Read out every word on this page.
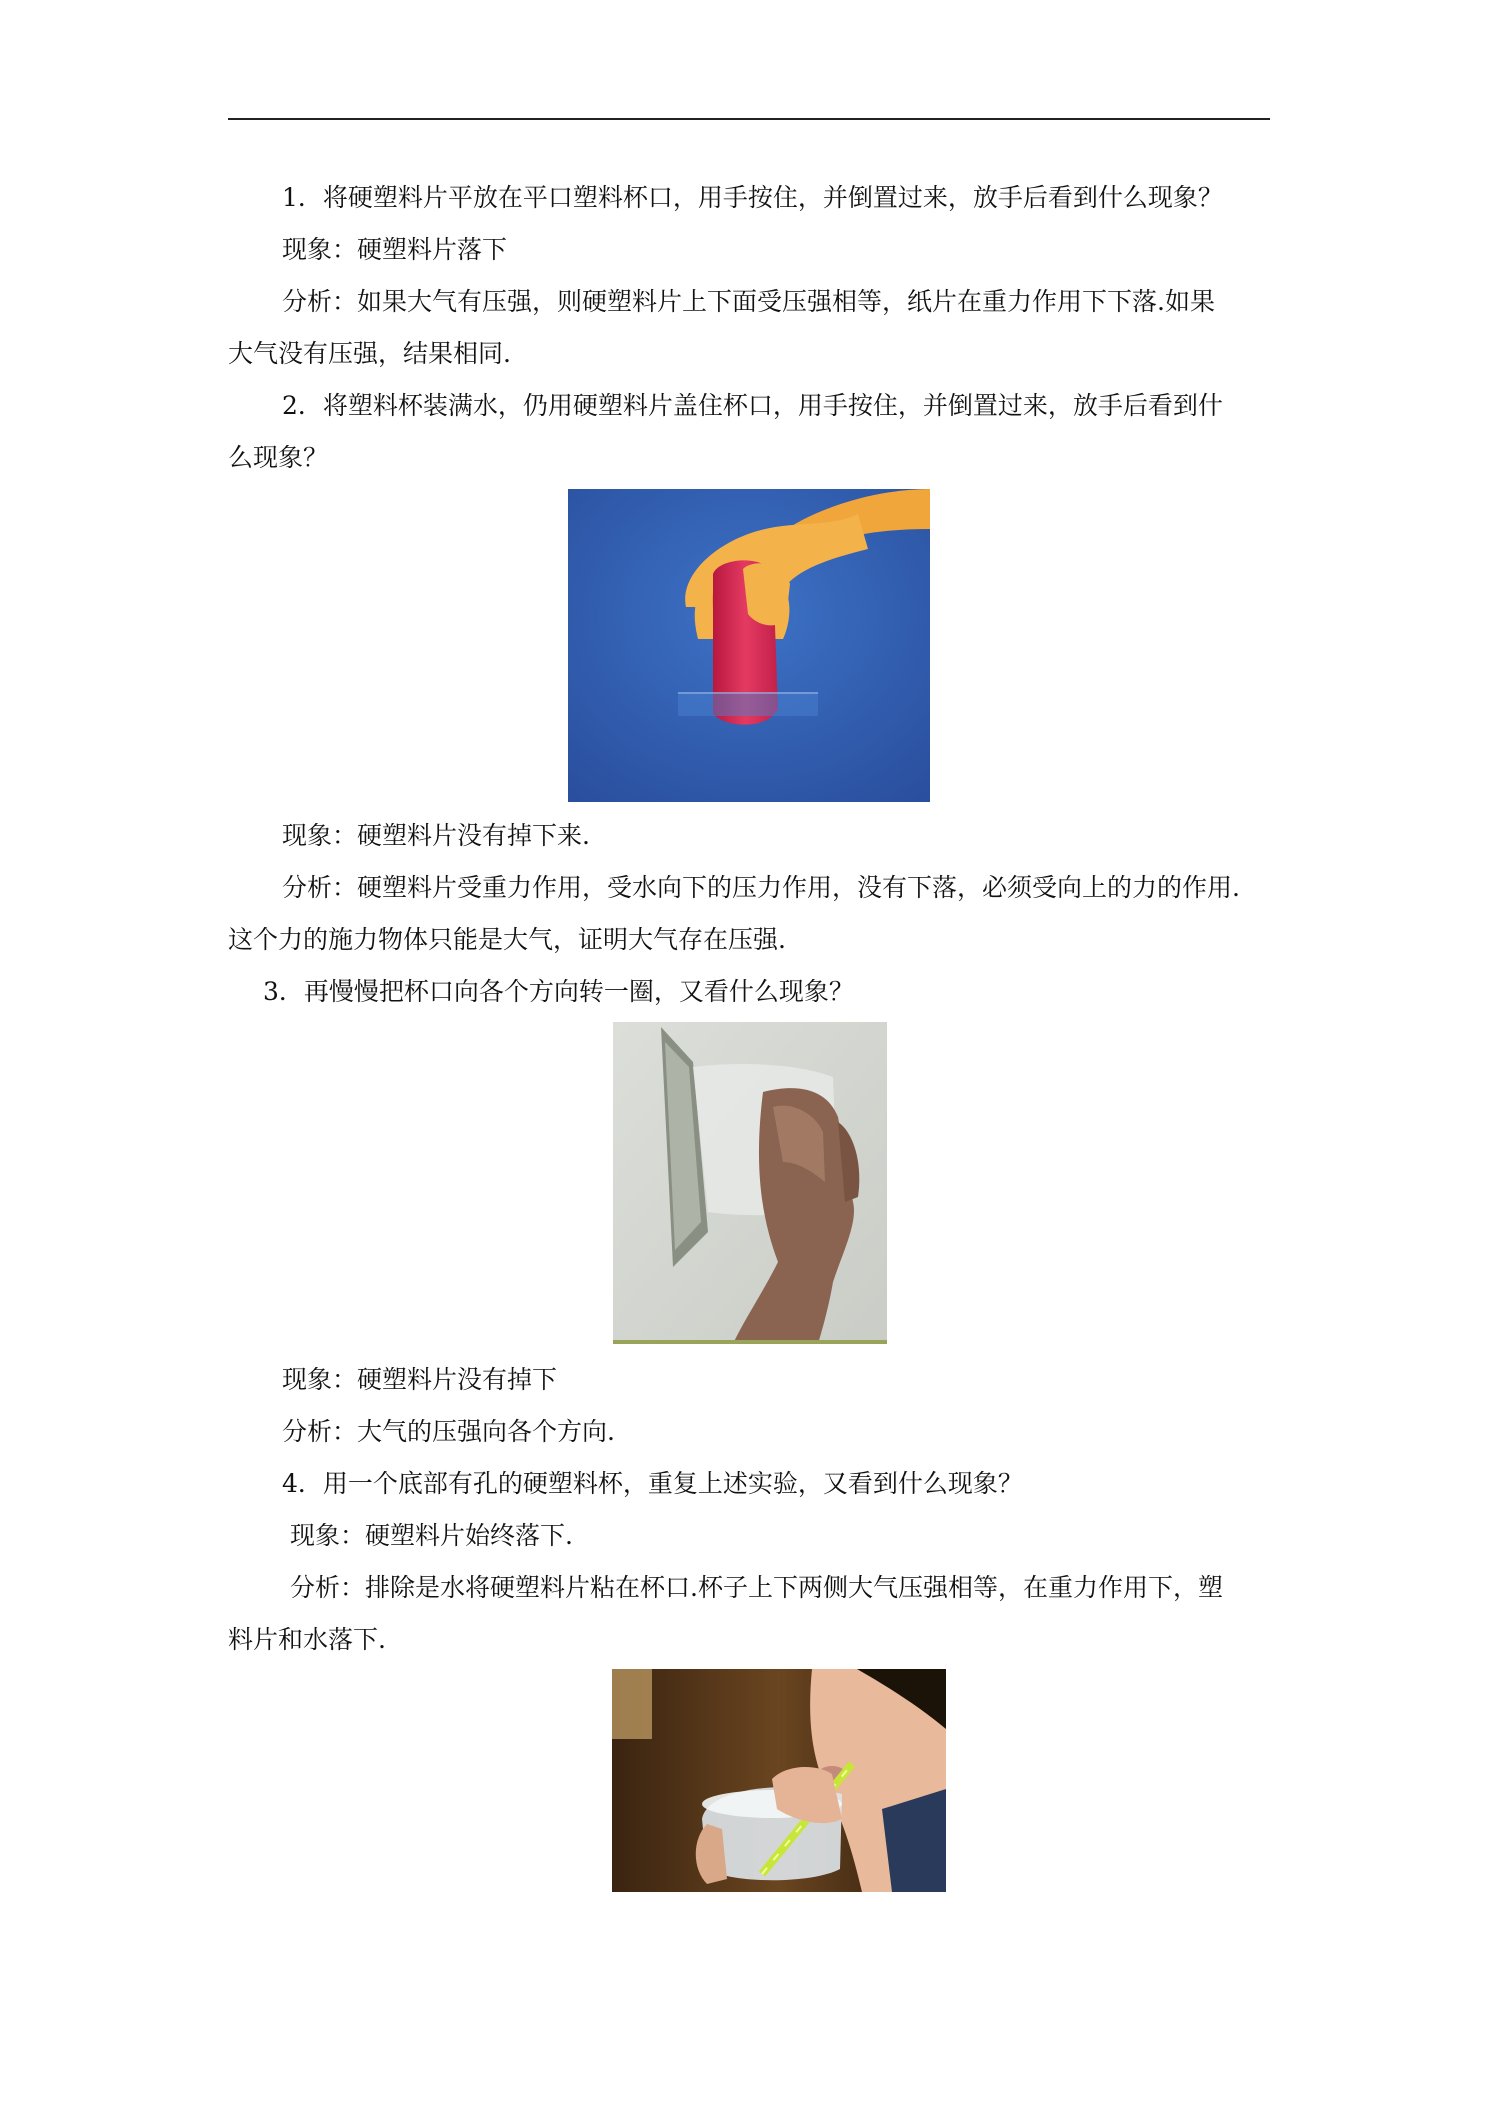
1．将硬塑料片平放在平口塑料杯口，用手按住，并倒置过来，放手后看到什么现象？
现象：硬塑料片落下
分析：如果大气有压强，则硬塑料片上下面受压强相等，纸片在重力作用下下落.如果
大气没有压强，结果相同.
2．将塑料杯装满水，仍用硬塑料片盖住杯口，用手按住，并倒置过来，放手后看到什
么现象？
现象：硬塑料片没有掉下来.
分析：硬塑料片受重力作用，受水向下的压力作用，没有下落，必须受向上的力的作用.
这个力的施力物体只能是大气，证明大气存在压强.
3．再慢慢把杯口向各个方向转一圈，又看什么现象？
现象：硬塑料片没有掉下
分析：大气的压强向各个方向.
4．用一个底部有孔的硬塑料杯，重复上述实验，又看到什么现象？
现象：硬塑料片始终落下.
分析：排除是水将硬塑料片粘在杯口.杯子上下两侧大气压强相等，在重力作用下，塑
料片和水落下.
